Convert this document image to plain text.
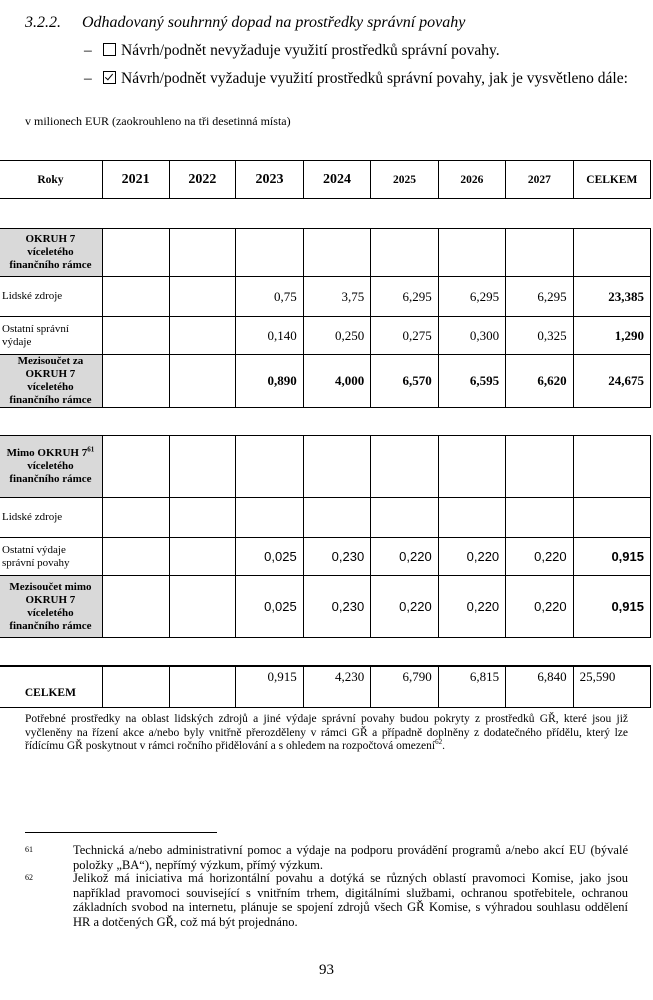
3.2.2. Odhadovaný souhrnný dopad na prostředky správní povahy
–	Návrh/podnět nevyžaduje využití prostředků správní povahy.
–	Návrh/podnět vyžaduje využití prostředků správní povahy, jak je vysvětleno dále:
v milionech EUR (zaokrouhleno na tři desetinná místa)
Roky	2021	2022	2023	2024	2025	2026	2027	CELKEM

OKRUH 7 víceletého finančního rámce								
Lidské zdroje			0,75	3,75	6,295	6,295	6,295	23,385
Ostatní správní výdaje			0,140	0,250	0,275	0,300	0,325	1,290
Mezisoučet za OKRUH 7 víceletého finančního rámce			0,890	4,000	6,570	6,595	6,620	24,675

Mimo OKRUH $7^{61}$ víceletého finančního rámce								
Lidské zdroje								
Ostatní výdaje správní povahy			0,025	0,230	0,220	0,220	0,220	0,915
Mezisoučet mimo OKRUH 7 víceletého finančního rámce			0,025	0,230	0,220	0,220	0,220	0,915

CELKEM			0,915	4,230	6,790	6,815	6,840	25,590
Potřebné prostředky na oblast lidských zdrojů a jiné výdaje správní povahy budou pokryty z prostředků GŘ, které jsou již vyčleněny na řízení akce a/nebo byly vnitřně přerozděleny v rámci GŘ a případně doplněny z dodatečného přídělu, který lze řídícímu GŘ poskytnout v rámci ročního přidělování a s ohledem na rozpočtová omezení$^{62}$.
61	Technická a/nebo administrativní pomoc a výdaje na podporu provádění programů a/nebo akcí EU (bývalé položky „BA“), nepřímý výzkum, přímý výzkum.
62	Jelikož má iniciativa má horizontální povahu a dotýká se různých oblastí pravomoci Komise, jako jsou například pravomoci související s vnitřním trhem, digitálními službami, ochranou spotřebitele, ochranou základních svobod na internetu, plánuje se spojení zdrojů všech GŘ Komise, s výhradou souhlasu oddělení HR a dotčených GŘ, což má být projednáno.
93
